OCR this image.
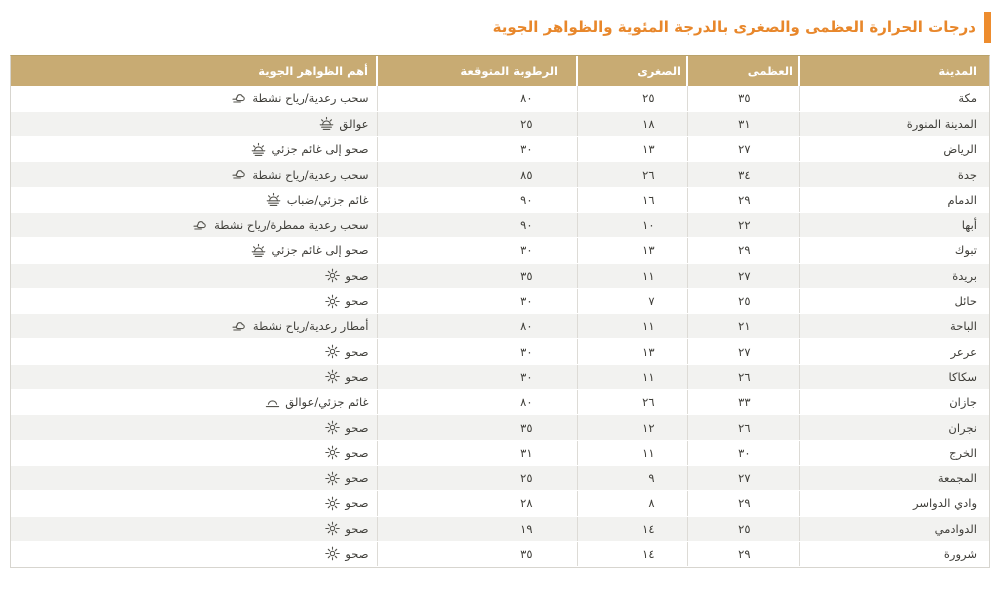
درجات الحرارة العظمى والصغرى بالدرجة المئوية والظواهر الجوية
المدينة	العظمى	الصغرى	الرطوبة المتوقعة	أهم الظواهر الجوية
مكة	٣٥	٢٥	٨٠	سحب رعدية/رياح نشطة

المدينة المنورة	٣١	١٨	٢٥	عوالق

الرياض	٢٧	١٣	٣٠	صحو إلى غائم جزئي

جدة	٣٤	٢٦	٨٥	سحب رعدية/رياح نشطة

الدمام	٢٩	١٦	٩٠	غائم جزئي/ضباب

أبها	٢٢	١٠	٩٠	سحب رعدية ممطرة/رياح نشطة

تبوك	٢٩	١٣	٣٠	صحو إلى غائم جزئي

بريدة	٢٧	١١	٣٥	صحو

حائل	٢٥	٧	٣٠	صحو

الباحة	٢١	١١	٨٠	أمطار رعدية/رياح نشطة

عرعر	٢٧	١٣	٣٠	صحو

سكاكا	٢٦	١١	٣٠	صحو

جازان	٣٣	٢٦	٨٠	غائم جزئي/عوالق

نجران	٢٦	١٢	٣٥	صحو

الخرج	٣٠	١١	٣١	صحو

المجمعة	٢٧	٩	٢٥	صحو

وادي الدواسر	٢٩	٨	٢٨	صحو

الدوادمي	٢٥	١٤	١٩	صحو

شرورة	٢٩	١٤	٣٥	صحو
